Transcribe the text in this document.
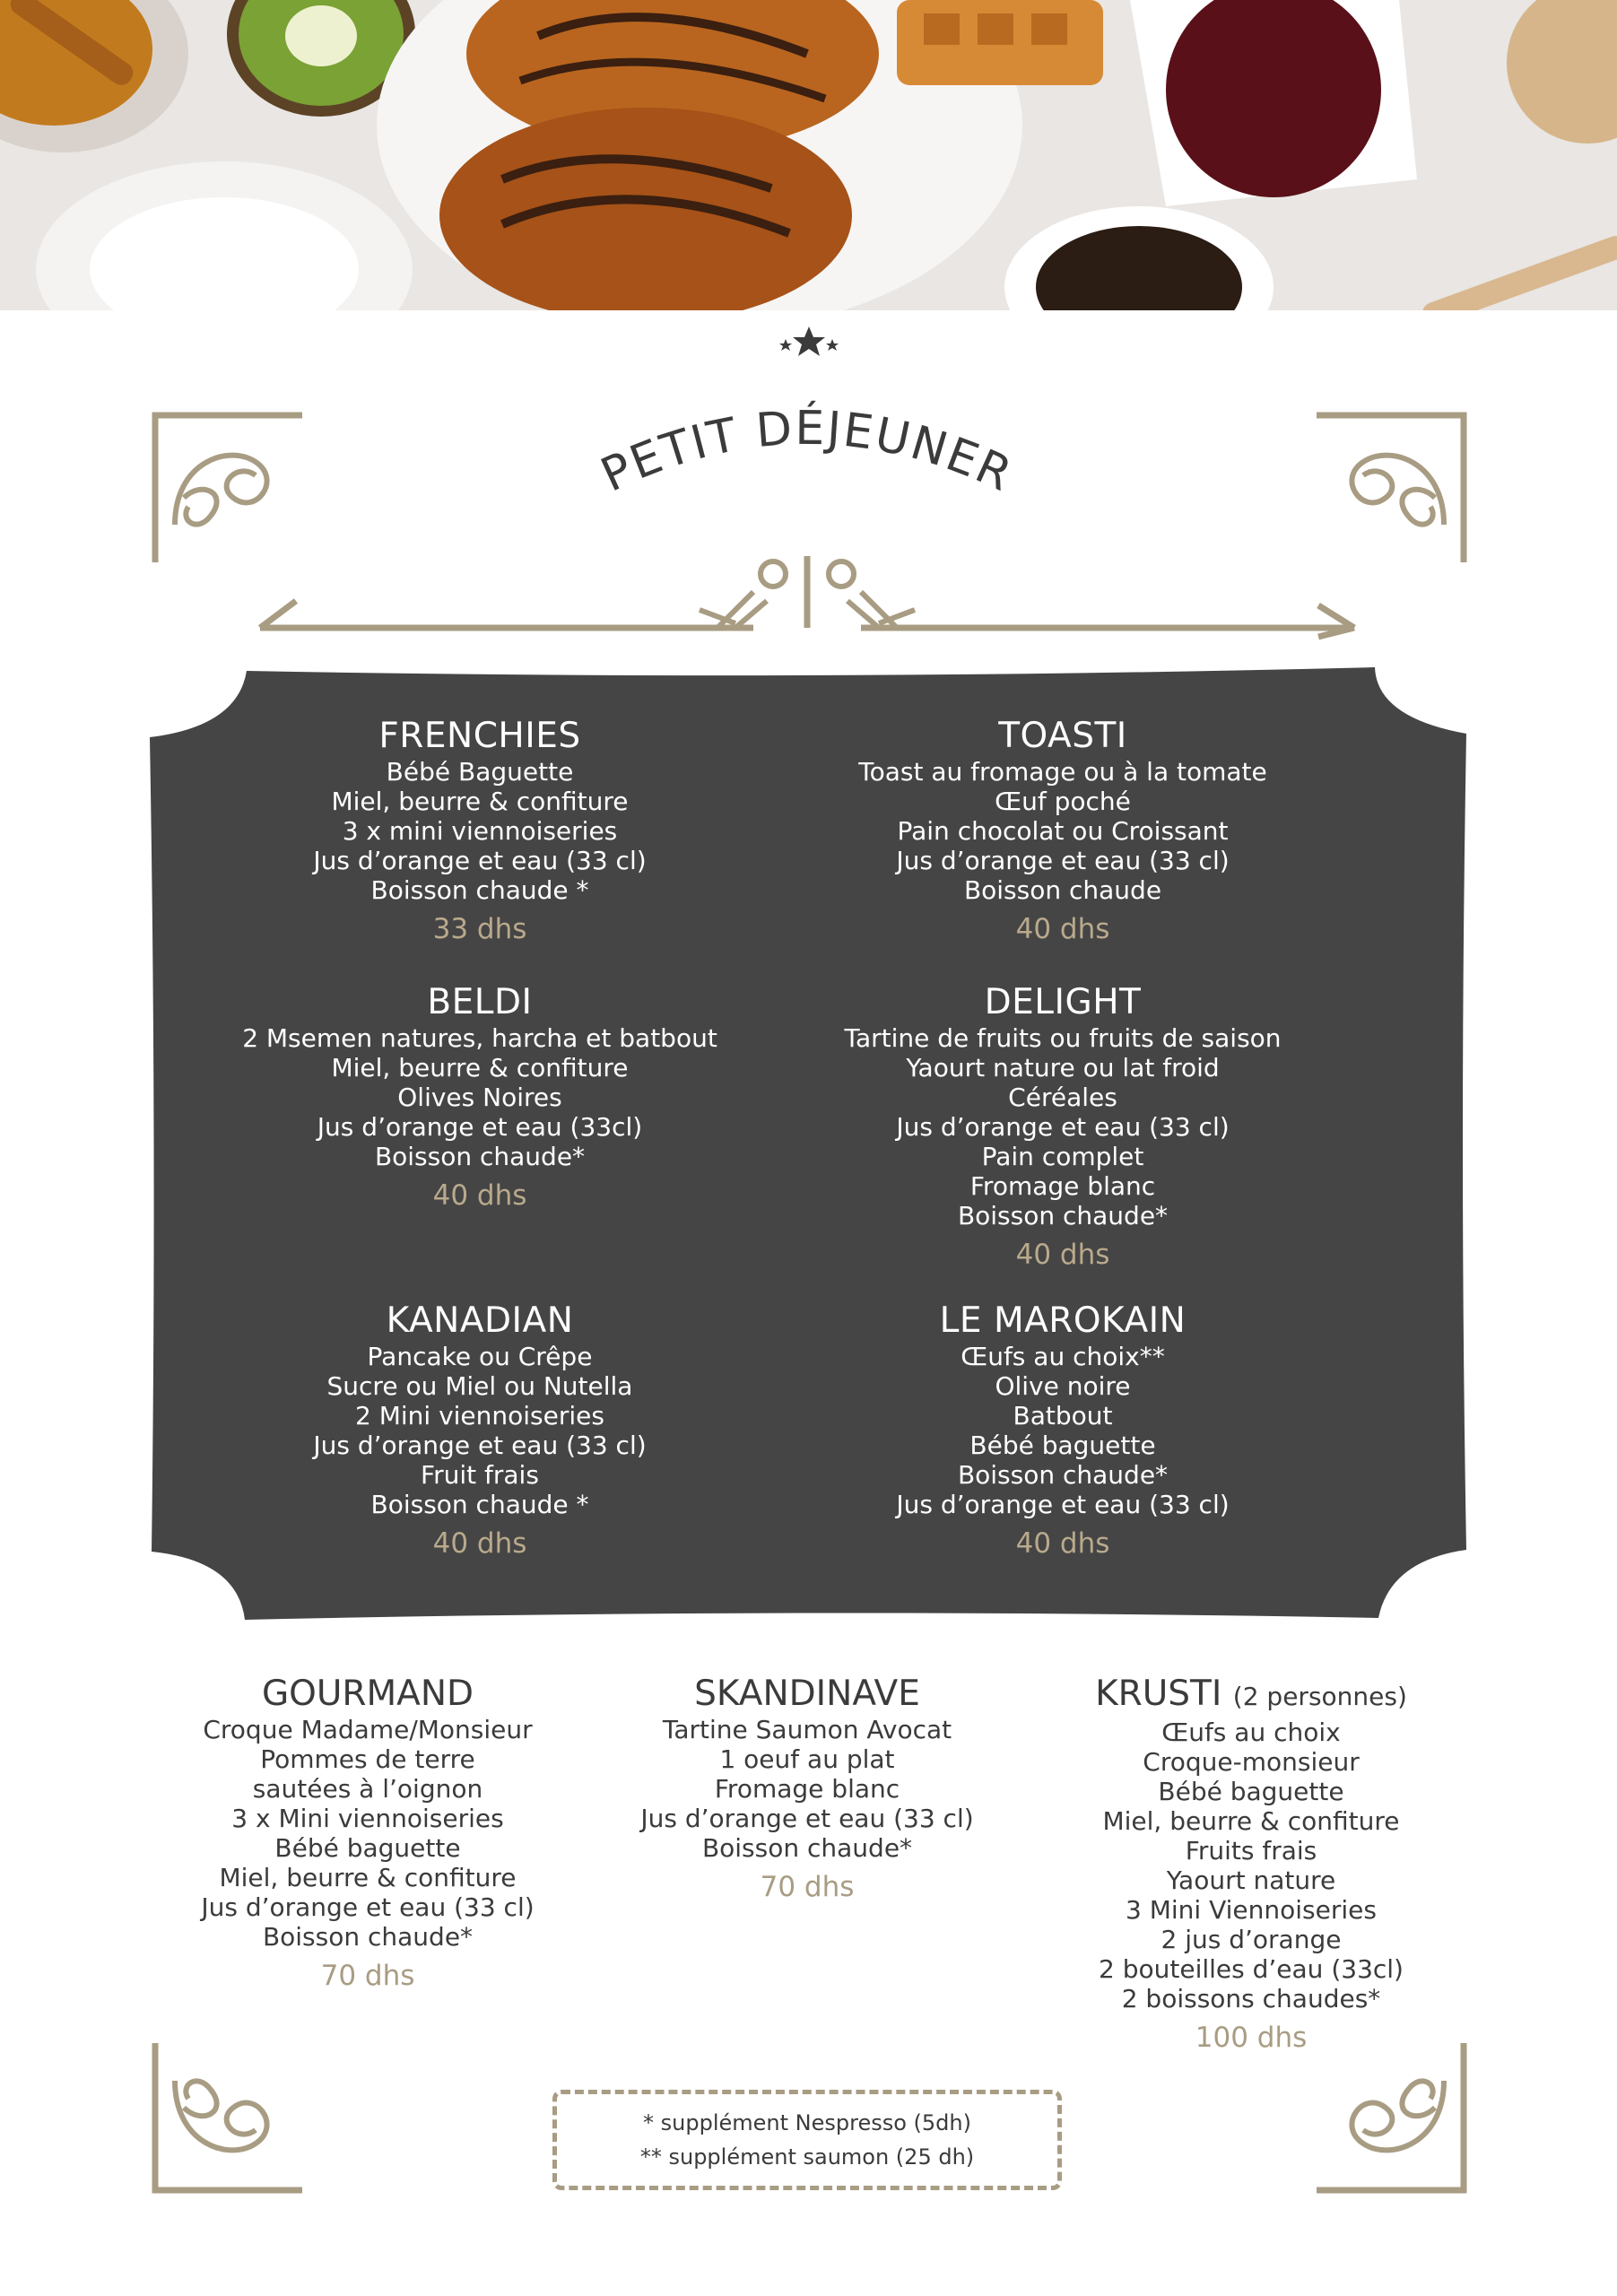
PETIT DÉJEUNER
FRENCHIES
Bébé Baguette
Miel, beurre & confiture
3 x mini viennoiseries
Jus d’orange et eau (33 cl)
Boisson chaude *
33 dhs
TOASTI
Toast au fromage ou à la tomate
Œuf poché
Pain chocolat ou Croissant
Jus d’orange et eau (33 cl)
Boisson chaude
40 dhs
BELDI
2 Msemen natures, harcha et batbout
Miel, beurre & confiture
Olives Noires
Jus d’orange et eau (33cl)
Boisson chaude*
40 dhs
DELIGHT
Tartine de fruits ou fruits de saison
Yaourt nature ou lat froid
Céréales
Jus d’orange et eau (33 cl)
Pain complet
Fromage blanc
Boisson chaude*
40 dhs
KANADIAN
Pancake ou Crêpe
Sucre ou Miel ou Nutella
2 Mini viennoiseries
Jus d’orange et eau (33 cl)
Fruit frais
Boisson chaude *
40 dhs
LE MAROKAIN
Œufs au choix**
Olive noire
Batbout
Bébé baguette
Boisson chaude*
Jus d’orange et eau (33 cl)
40 dhs
GOURMAND
Croque Madame/Monsieur
Pommes de terre
sautées à l’oignon
3 x Mini viennoiseries
Bébé baguette
Miel, beurre & confiture
Jus d’orange et eau (33 cl)
Boisson chaude*
70 dhs
SKANDINAVE
Tartine Saumon Avocat
1 oeuf au plat
Fromage blanc
Jus d’orange et eau (33 cl)
Boisson chaude*
70 dhs
KRUSTI (2 personnes)
Œufs au choix
Croque-monsieur
Bébé baguette
Miel, beurre & confiture
Fruits frais
Yaourt nature
3 Mini Viennoiseries
2 jus d’orange
2 bouteilles d’eau (33cl)
2 boissons chaudes*
100 dhs
* supplément Nespresso (5dh)
** supplément saumon (25 dh)
